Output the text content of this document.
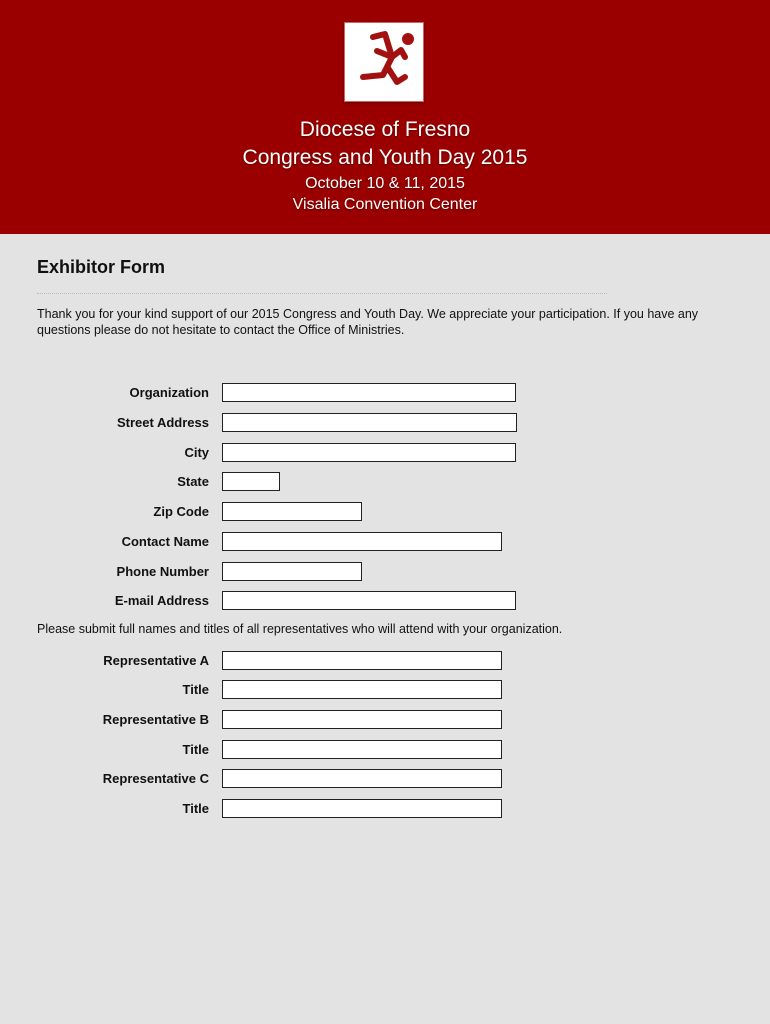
Diocese of Fresno
Congress and Youth Day 2015
October 10 & 11, 2015
Visalia Convention Center
Exhibitor Form
Thank you for your kind support of our 2015 Congress and Youth Day. We appreciate your participation. If you have any questions please do not hesitate to contact the Office of Ministries.
Organization
Street Address
City
State
Zip Code
Contact Name
Phone Number
E-mail Address
Please submit full names and titles of all representatives who will attend with your organization.
Representative A
Title
Representative B
Title
Representative C
Title
